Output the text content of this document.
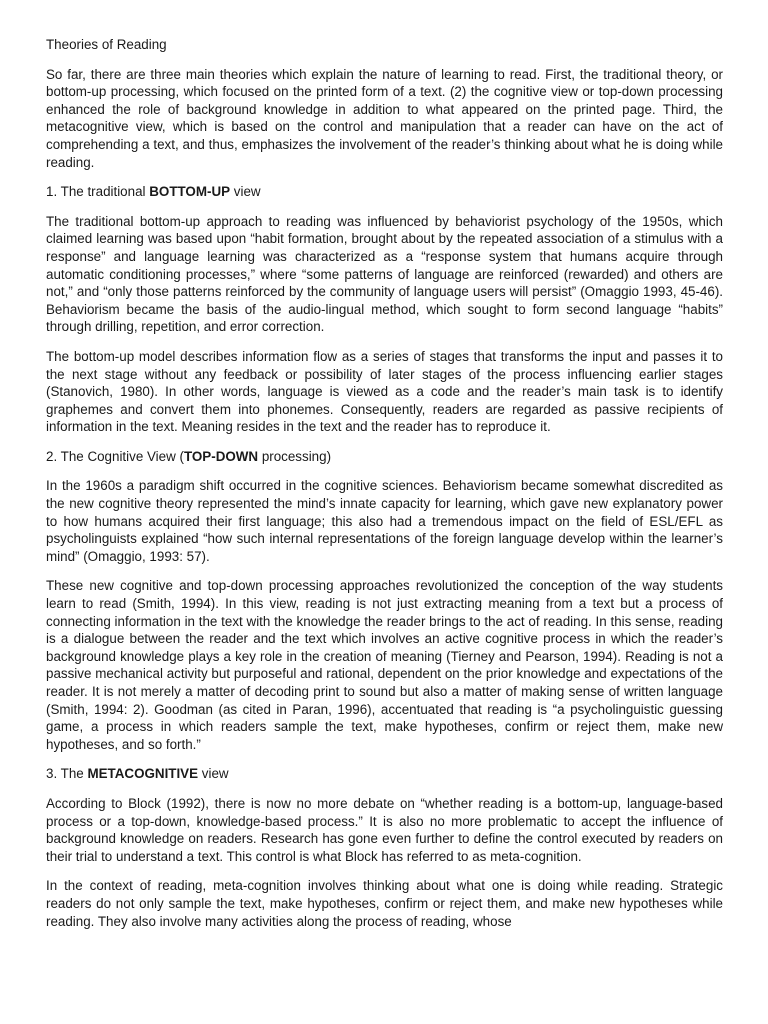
Theories of Reading

So far, there are three main theories which explain the nature of learning to read. First, the traditional theory, or bottom-up processing, which focused on the printed form of a text. (2) the cognitive view or top-down processing enhanced the role of background knowledge in addition to what appeared on the printed page. Third, the metacognitive view, which is based on the control and manipulation that a reader can have on the act of comprehending a text, and thus, emphasizes the involvement of the reader’s thinking about what he is doing while reading.

1. The traditional BOTTOM-UP view

The traditional bottom-up approach to reading was influenced by behaviorist psychology of the 1950s, which claimed learning was based upon “habit formation, brought about by the repeated association of a stimulus with a response” and language learning was characterized as a “response system that humans acquire through automatic conditioning processes,” where “some patterns of language are reinforced (rewarded) and others are not,” and “only those patterns reinforced by the community of language users will persist” (Omaggio 1993, 45-46). Behaviorism became the basis of the audio-lingual method, which sought to form second language “habits” through drilling, repetition, and error correction.

The bottom-up model describes information flow as a series of stages that transforms the input and passes it to the next stage without any feedback or possibility of later stages of the process influencing earlier stages (Stanovich, 1980). In other words, language is viewed as a code and the reader’s main task is to identify graphemes and convert them into phonemes. Consequently, readers are regarded as passive recipients of information in the text. Meaning resides in the text and the reader has to reproduce it.

2. The Cognitive View (TOP-DOWN processing)

In the 1960s a paradigm shift occurred in the cognitive sciences. Behaviorism became somewhat discredited as the new cognitive theory represented the mind’s innate capacity for learning, which gave new explanatory power to how humans acquired their first language; this also had a tremendous impact on the field of ESL/EFL as psycholinguists explained “how such internal representations of the foreign language develop within the learner’s mind” (Omaggio, 1993: 57).

These new cognitive and top-down processing approaches revolutionized the conception of the way students learn to read (Smith, 1994). In this view, reading is not just extracting meaning from a text but a process of connecting information in the text with the knowledge the reader brings to the act of reading. In this sense, reading is a dialogue between the reader and the text which involves an active cognitive process in which the reader’s background knowledge plays a key role in the creation of meaning (Tierney and Pearson, 1994). Reading is not a passive mechanical activity but purposeful and rational, dependent on the prior knowledge and expectations of the reader. It is not merely a matter of decoding print to sound but also a matter of making sense of written language (Smith, 1994: 2). Goodman (as cited in Paran, 1996), accentuated that reading is “a psycholinguistic guessing game, a process in which readers sample the text, make hypotheses, confirm or reject them, make new hypotheses, and so forth.”

3. The METACOGNITIVE view

According to Block (1992), there is now no more debate on “whether reading is a bottom-up, language-based process or a top-down, knowledge-based process.” It is also no more problematic to accept the influence of background knowledge on readers. Research has gone even further to define the control executed by readers on their trial to understand a text. This control is what Block has referred to as meta-cognition.

In the context of reading, meta-cognition involves thinking about what one is doing while reading. Strategic readers do not only sample the text, make hypotheses, confirm or reject them, and make new hypotheses while reading. They also involve many activities along the process of reading, whose
